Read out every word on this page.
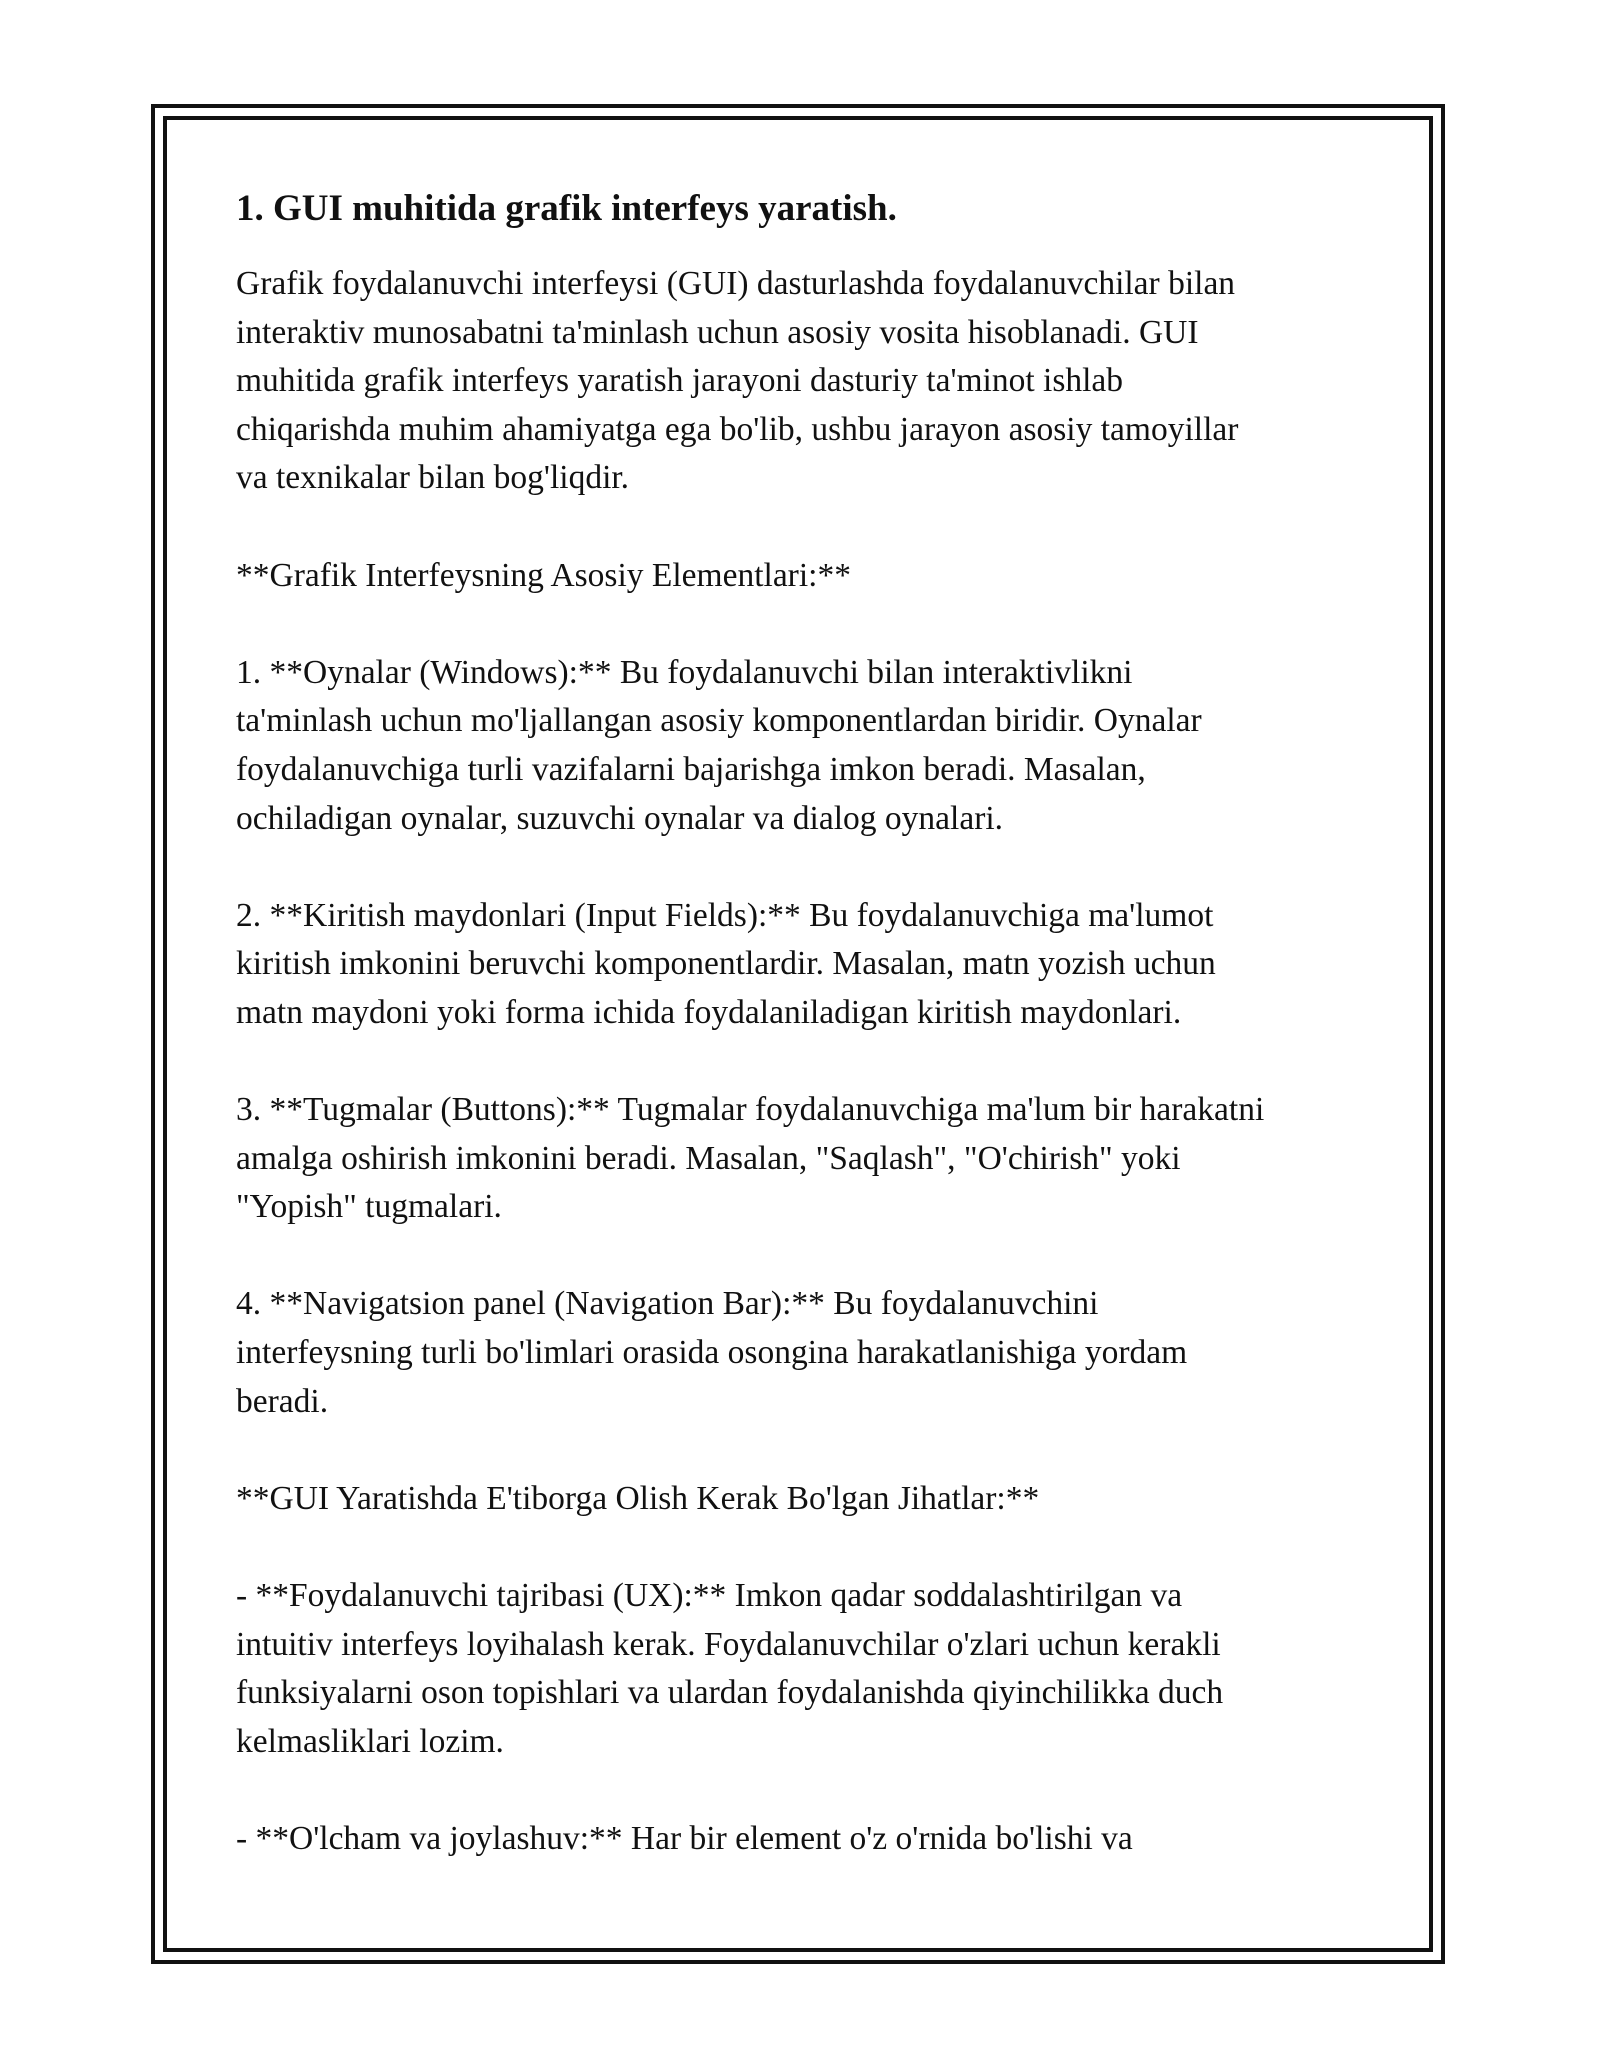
1. GUI muhitida grafik interfeys yaratish.

Grafik foydalanuvchi interfeysi (GUI) dasturlashda foydalanuvchilar bilan
interaktiv munosabatni ta'minlash uchun asosiy vosita hisoblanadi. GUI
muhitida grafik interfeys yaratish jarayoni dasturiy ta'minot ishlab
chiqarishda muhim ahamiyatga ega bo'lib, ushbu jarayon asosiy tamoyillar
va texnikalar bilan bog'liqdir.

**Grafik Interfeysning Asosiy Elementlari:**

1. **Oynalar (Windows):** Bu foydalanuvchi bilan interaktivlikni
ta'minlash uchun mo'ljallangan asosiy komponentlardan biridir. Oynalar
foydalanuvchiga turli vazifalarni bajarishga imkon beradi. Masalan,
ochiladigan oynalar, suzuvchi oynalar va dialog oynalari.

2. **Kiritish maydonlari (Input Fields):** Bu foydalanuvchiga ma'lumot
kiritish imkonini beruvchi komponentlardir. Masalan, matn yozish uchun
matn maydoni yoki forma ichida foydalaniladigan kiritish maydonlari.

3. **Tugmalar (Buttons):** Tugmalar foydalanuvchiga ma'lum bir harakatni
amalga oshirish imkonini beradi. Masalan, "Saqlash", "O'chirish" yoki
"Yopish" tugmalari.

4. **Navigatsion panel (Navigation Bar):** Bu foydalanuvchini
interfeysning turli bo'limlari orasida osongina harakatlanishiga yordam
beradi.

**GUI Yaratishda E'tiborga Olish Kerak Bo'lgan Jihatlar:**

- **Foydalanuvchi tajribasi (UX):** Imkon qadar soddalashtirilgan va
intuitiv interfeys loyihalash kerak. Foydalanuvchilar o'zlari uchun kerakli
funksiyalarni oson topishlari va ulardan foydalanishda qiyinchilikka duch
kelmasliklari lozim.

- **O'lcham va joylashuv:** Har bir element o'z o'rnida bo'lishi va
